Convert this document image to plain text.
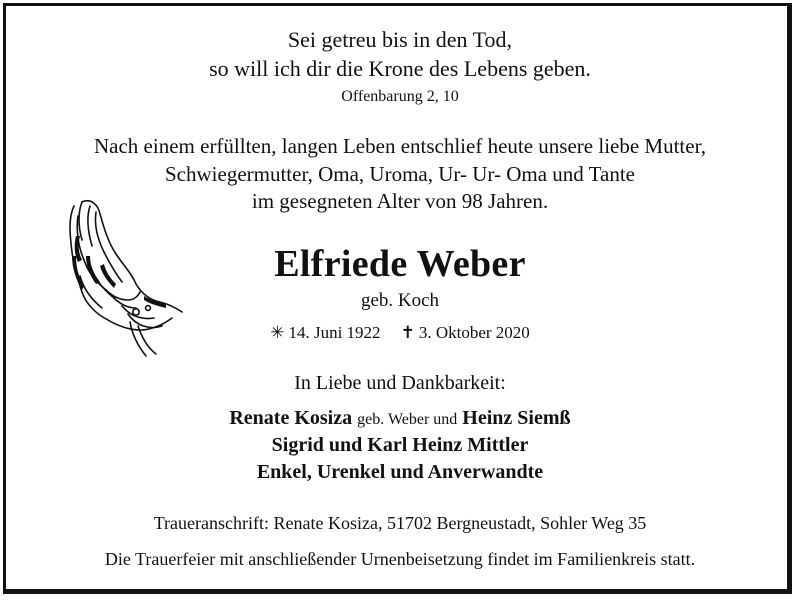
Sei getreu bis in den Tod,
so will ich dir die Krone des Lebens geben.
Offenbarung 2, 10
Nach einem erfüllten, langen Leben entschlief heute unsere liebe Mutter,
Schwiegermutter, Oma, Uroma, Ur- Ur- Oma und Tante
im gesegneten Alter von 98 Jahren.
Elfriede Weber
geb. Koch
✳ 14. Juni 1922 ✝ 3. Oktober 2020
In Liebe und Dankbarkeit:
Renate Kosiza geb. Weber und Heinz Siemß
Sigrid und Karl Heinz Mittler
Enkel, Urenkel und Anverwandte
Traueranschrift: Renate Kosiza, 51702 Bergneustadt, Sohler Weg 35
Die Trauerfeier mit anschließender Urnenbeisetzung findet im Familienkreis statt.
